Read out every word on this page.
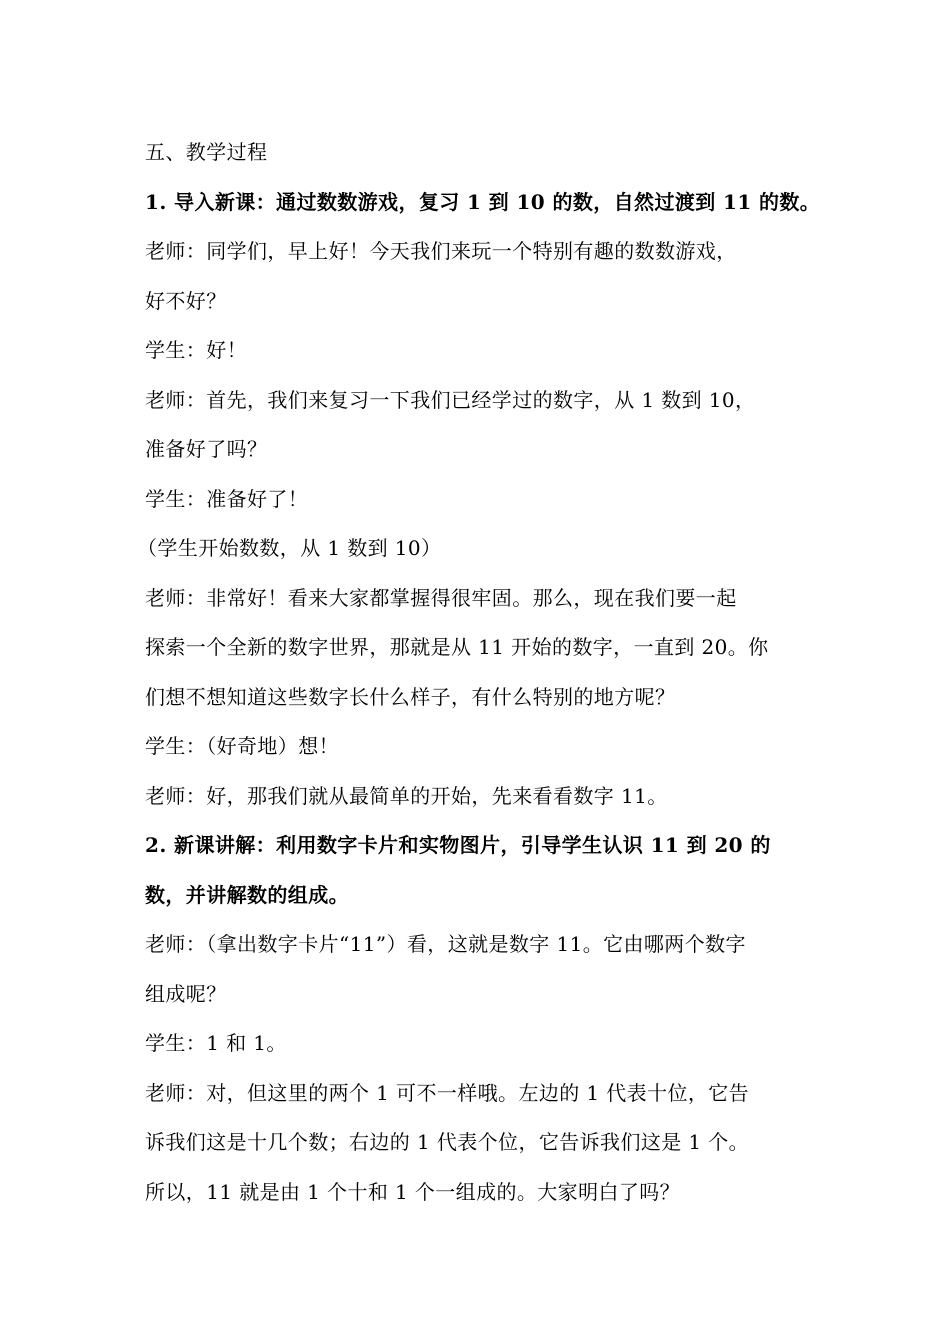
五、教学过程
1. 导入新课：通过数数游戏，复习 1 到 10 的数，自然过渡到 11 的数。
老师：同学们，早上好！今天我们来玩一个特别有趣的数数游戏，
好不好？
学生：好！
老师：首先，我们来复习一下我们已经学过的数字，从 1 数到 10，
准备好了吗？
学生：准备好了！
（学生开始数数，从 1 数到 10）
老师：非常好！看来大家都掌握得很牢固。那么，现在我们要一起
探索一个全新的数字世界，那就是从 11 开始的数字，一直到 20。你
们想不想知道这些数字长什么样子，有什么特别的地方呢？
学生：（好奇地）想！
老师：好，那我们就从最简单的开始，先来看看数字 11。
2. 新课讲解：利用数字卡片和实物图片，引导学生认识 11 到 20 的
数，并讲解数的组成。
老师：（拿出数字卡片“11”）看，这就是数字 11。它由哪两个数字
组成呢？
学生：1 和 1。
老师：对，但这里的两个 1 可不一样哦。左边的 1 代表十位，它告
诉我们这是十几个数；右边的 1 代表个位，它告诉我们这是 1 个。
所以，11 就是由 1 个十和 1 个一组成的。大家明白了吗？
